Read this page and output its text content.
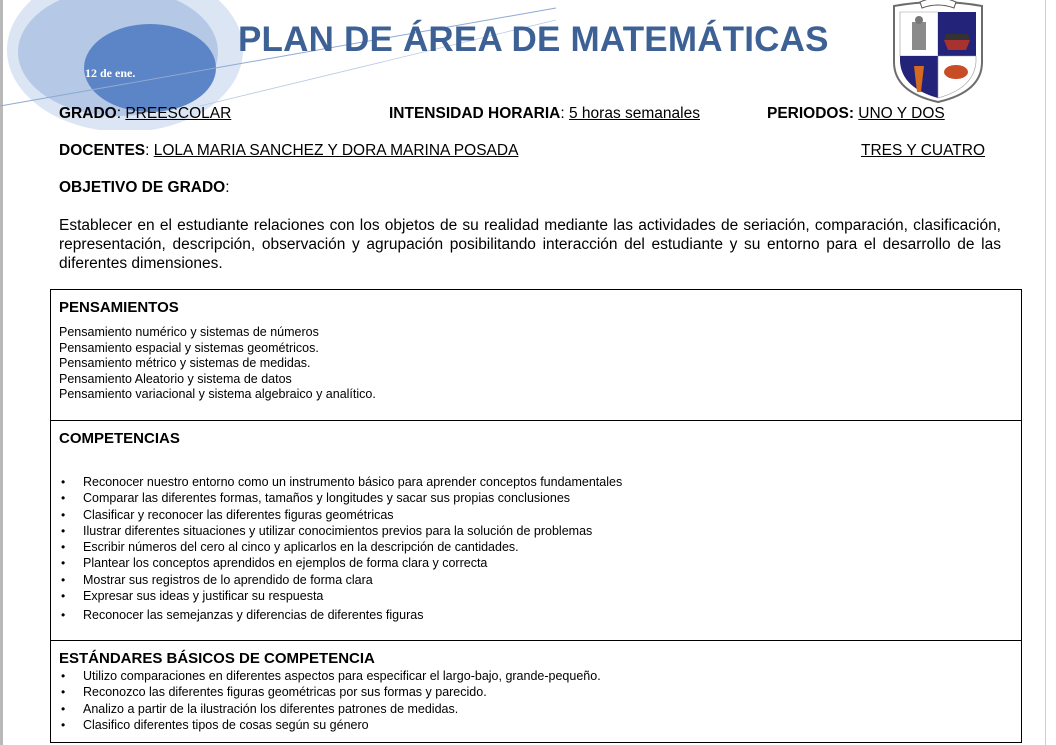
12 de ene.
PLAN DE ÁREA DE MATEMÁTICAS
GRADO: PREESCOLAR	INTENSIDAD HORARIA: 5 horas semanales	PERIODOS: UNO Y DOS
DOCENTES: LOLA MARIA SANCHEZ Y DORA MARINA POSADA	TRES Y CUATRO
OBJETIVO DE GRADO:
Establecer en el estudiante relaciones con los objetos de su realidad mediante las actividades de seriación, comparación, clasificación, representación, descripción, observación y agrupación posibilitando interacción del estudiante y su entorno para el desarrollo de las diferentes dimensiones.
PENSAMIENTOS
Pensamiento numérico y sistemas de números
Pensamiento espacial y sistemas geométricos.
Pensamiento métrico y sistemas de medidas.
Pensamiento Aleatorio y sistema de datos
Pensamiento variacional y sistema algebraico y analítico.
COMPETENCIAS
• Reconocer nuestro entorno como un instrumento básico para aprender conceptos fundamentales
• Comparar las diferentes formas, tamaños y longitudes y sacar sus propias conclusiones
• Clasificar y reconocer las diferentes figuras geométricas
• Ilustrar diferentes situaciones y utilizar conocimientos previos para la solución de problemas
• Escribir números del cero al cinco y aplicarlos en la descripción de cantidades.
• Plantear los conceptos aprendidos en ejemplos de forma clara y correcta
• Mostrar sus registros de lo aprendido de forma clara
• Expresar sus ideas y justificar su respuesta
• Reconocer las semejanzas y diferencias de diferentes figuras
ESTÁNDARES BÁSICOS DE COMPETENCIA
• Utilizo comparaciones en diferentes aspectos para especificar el largo-bajo, grande-pequeño.
• Reconozco las diferentes figuras geométricas por sus formas y parecido.
• Analizo a partir de la ilustración los diferentes patrones de medidas.
• Clasifico diferentes tipos de cosas según su género
